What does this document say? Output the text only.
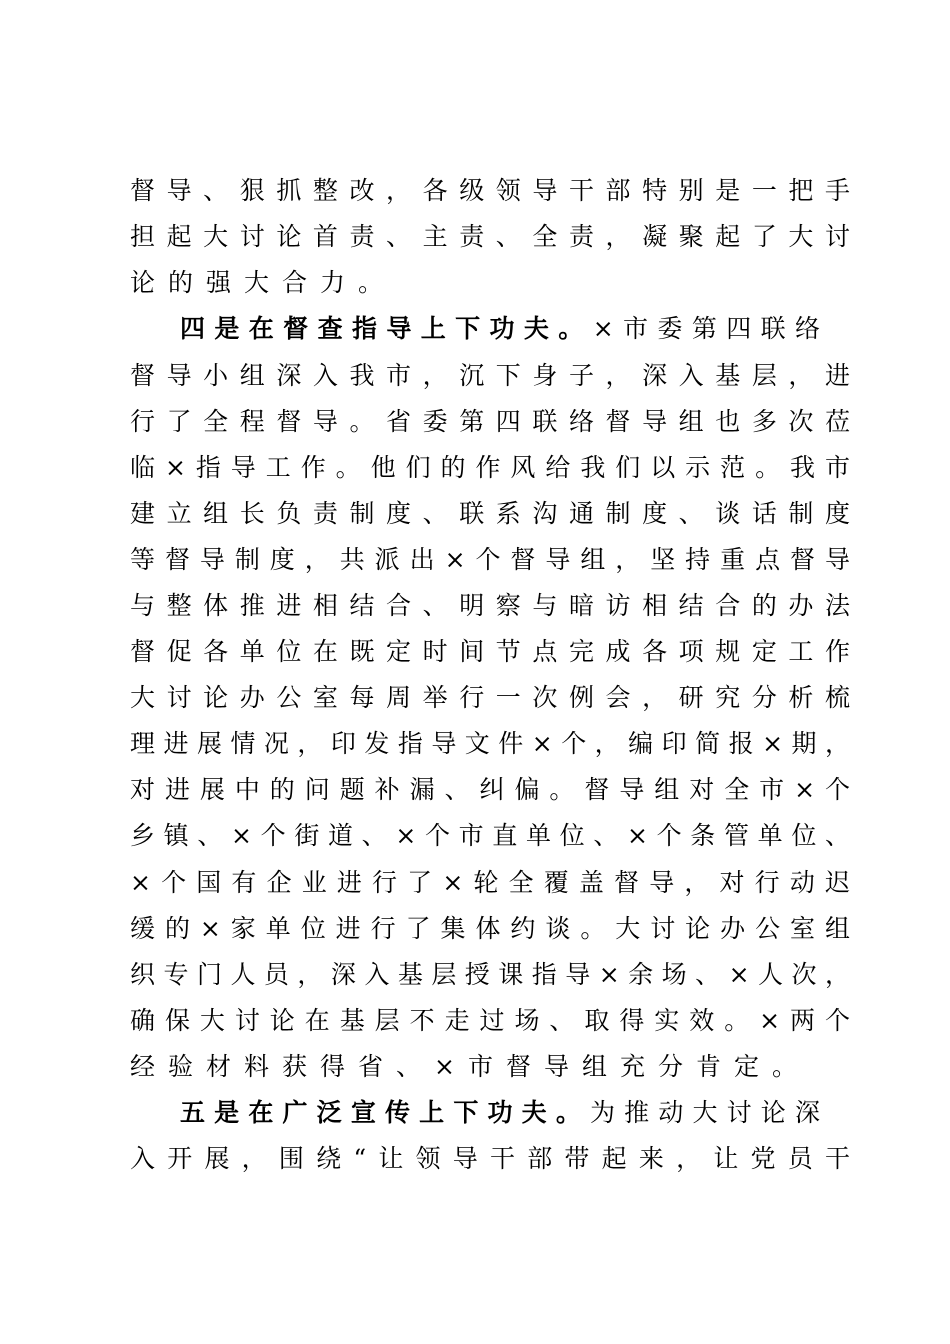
督导、狠抓整改，各级领导干部特别是一把手
担起大讨论首责、主责、全责，凝聚起了大讨
论的强大合力。
四是在督查指导上下功夫。×市委第四联络
督导小组深入我市，沉下身子，深入基层，进
行了全程督导。省委第四联络督导组也多次莅
临×指导工作。他们的作风给我们以示范。我市
建立组长负责制度、联系沟通制度、谈话制度
等督导制度，共派出×个督导组，坚持重点督导
与整体推进相结合、明察与暗访相结合的办法
督促各单位在既定时间节点完成各项规定工作
大讨论办公室每周举行一次例会，研究分析梳
理进展情况，印发指导文件×个，编印简报×期，
对进展中的问题补漏、纠偏。督导组对全市×个
乡镇、×个街道、×个市直单位、×个条管单位、
×个国有企业进行了×轮全覆盖督导，对行动迟
缓的×家单位进行了集体约谈。大讨论办公室组
织专门人员，深入基层授课指导×余场、×人次，
确保大讨论在基层不走过场、取得实效。×两个
经验材料获得省、×市督导组充分肯定。
五是在广泛宣传上下功夫。为推动大讨论深
入开展，围绕“让领导干部带起来，让党员干
